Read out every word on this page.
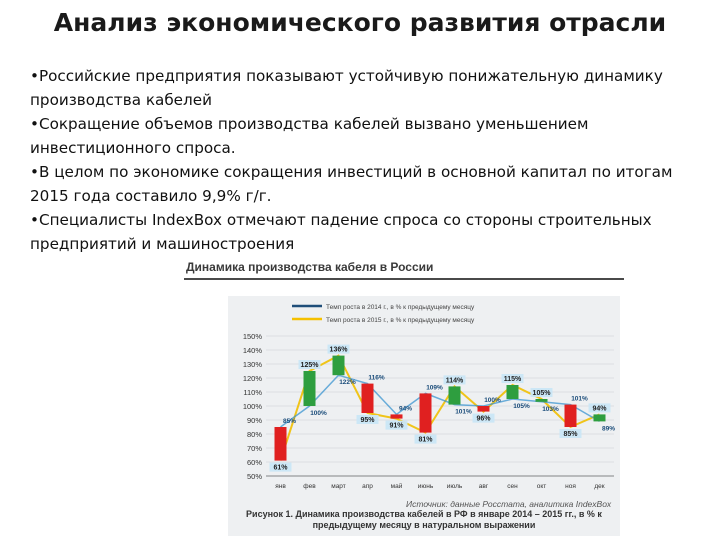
Анализ экономического развития отрасли
•Российские предприятия показывают устойчивую понижательную динамику производства кабелей
•Сокращение объемов производства кабелей вызвано уменьшением инвестиционного спроса.
•В целом по экономике сокращения инвестиций в основной капитал по итогам 2015 года составило 9,9% г/г.
•Специалисты IndexBox отмечают падение спроса со стороны строительных предприятий и машиностроения
Динамика производства кабеля в России
Темп роста в 2014 г., в % к предыдущему месяцу
Темп роста в 2015 г., в % к предыдущему месяцу
50%
60%
70%
80%
90%
100%
110%
120%
130%
140%
150%
61%
85%
янв
125%
100%
фев
136%
122%
март
95%
116%
апр
91%
94%
май
81%
109%
июнь
114%
101%
июль
96%
100%
авг
115%
105%
сен
105%
103%
окт
85%
101%
ноя
94%
89%
дек
Источник: данные Росстата, аналитика IndexBox
Рисунок 1. Динамика производства кабелей в РФ в январе 2014 – 2015 гг., в % к предыдущему месяцу в натуральном выражении
